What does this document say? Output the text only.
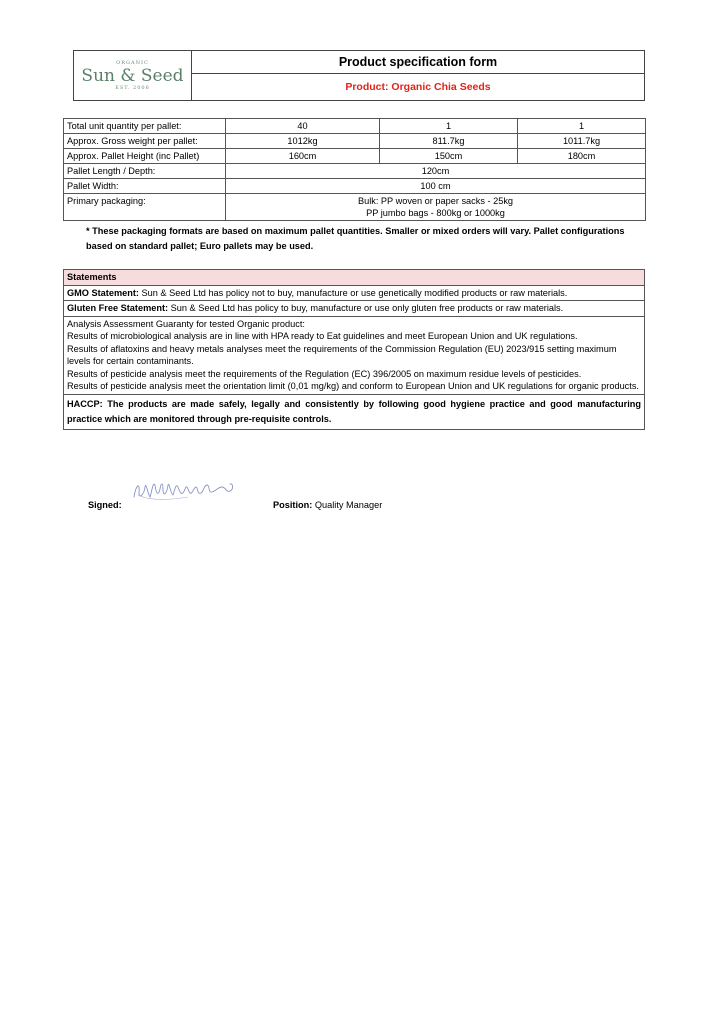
ORGANIC
Sun & Seed
EST. 2006
Product specification form
Product: Organic Chia Seeds
Total unit quantity per pallet:	40	1	1
Approx. Gross weight per pallet:	1012kg	811.7kg	1011.7kg
Approx. Pallet Height (inc Pallet)	160cm	150cm	180cm
Pallet Length / Depth:	120cm		
Pallet Width:	100 cm		
Primary packaging:	Bulk: PP woven or paper sacks - 25kg
PP jumbo bags - 800kg or 1000kg		
* These packaging formats are based on maximum pallet quantities. Smaller or mixed orders will vary. Pallet configurations based on standard pallet; Euro pallets may be used.
Statements
GMO Statement: Sun & Seed Ltd has policy not to buy, manufacture or use genetically modified products or raw materials.
Gluten Free Statement: Sun & Seed Ltd has policy to buy, manufacture or use only gluten free products or raw materials.
Analysis Assessment Guaranty for tested Organic product:
Results of microbiological analysis are in line with HPA ready to Eat guidelines and meet European Union and UK regulations.
Results of aflatoxins and heavy metals analyses meet the requirements of the Commission Regulation (EU) 2023/915 setting maximum levels for certain contaminants.
Results of pesticide analysis meet the requirements of the Regulation (EC) 396/2005 on maximum residue levels of pesticides.
Results of pesticide analysis meet the orientation limit (0,01 mg/kg) and conform to European Union and UK regulations for organic products.
HACCP: The products are made safely, legally and consistently by following good hygiene practice and good manufacturing practice which are monitored through pre-requisite controls.
Signed:	Position: Quality Manager
